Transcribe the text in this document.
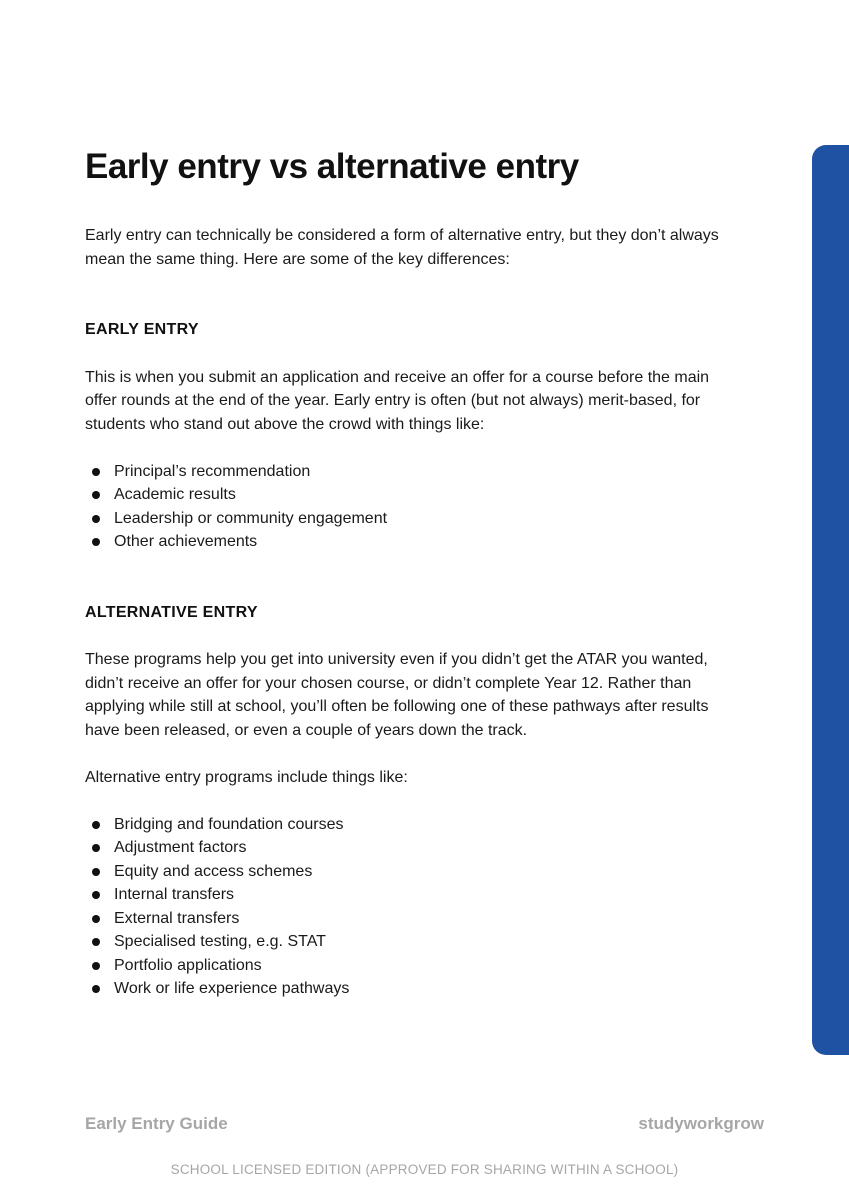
Early entry vs alternative entry

Early entry can technically be considered a form of alternative entry, but they don’t always mean the same thing. Here are some of the key differences:

EARLY ENTRY

This is when you submit an application and receive an offer for a course before the main offer rounds at the end of the year. Early entry is often (but not always) merit-based, for students who stand out above the crowd with things like:

Principal’s recommendation
Academic results
Leadership or community engagement
Other achievements
ALTERNATIVE ENTRY

These programs help you get into university even if you didn’t get the ATAR you wanted, didn’t receive an offer for your chosen course, or didn’t complete Year 12. Rather than applying while still at school, you’ll often be following one of these pathways after results have been released, or even a couple of years down the track.

Alternative entry programs include things like:

Bridging and foundation courses
Adjustment factors
Equity and access schemes
Internal transfers
External transfers
Specialised testing, e.g. STAT
Portfolio applications
Work or life experience pathways
Early Entry Guide	studyworkgrow
SCHOOL LICENSED EDITION (APPROVED FOR SHARING WITHIN A SCHOOL)
